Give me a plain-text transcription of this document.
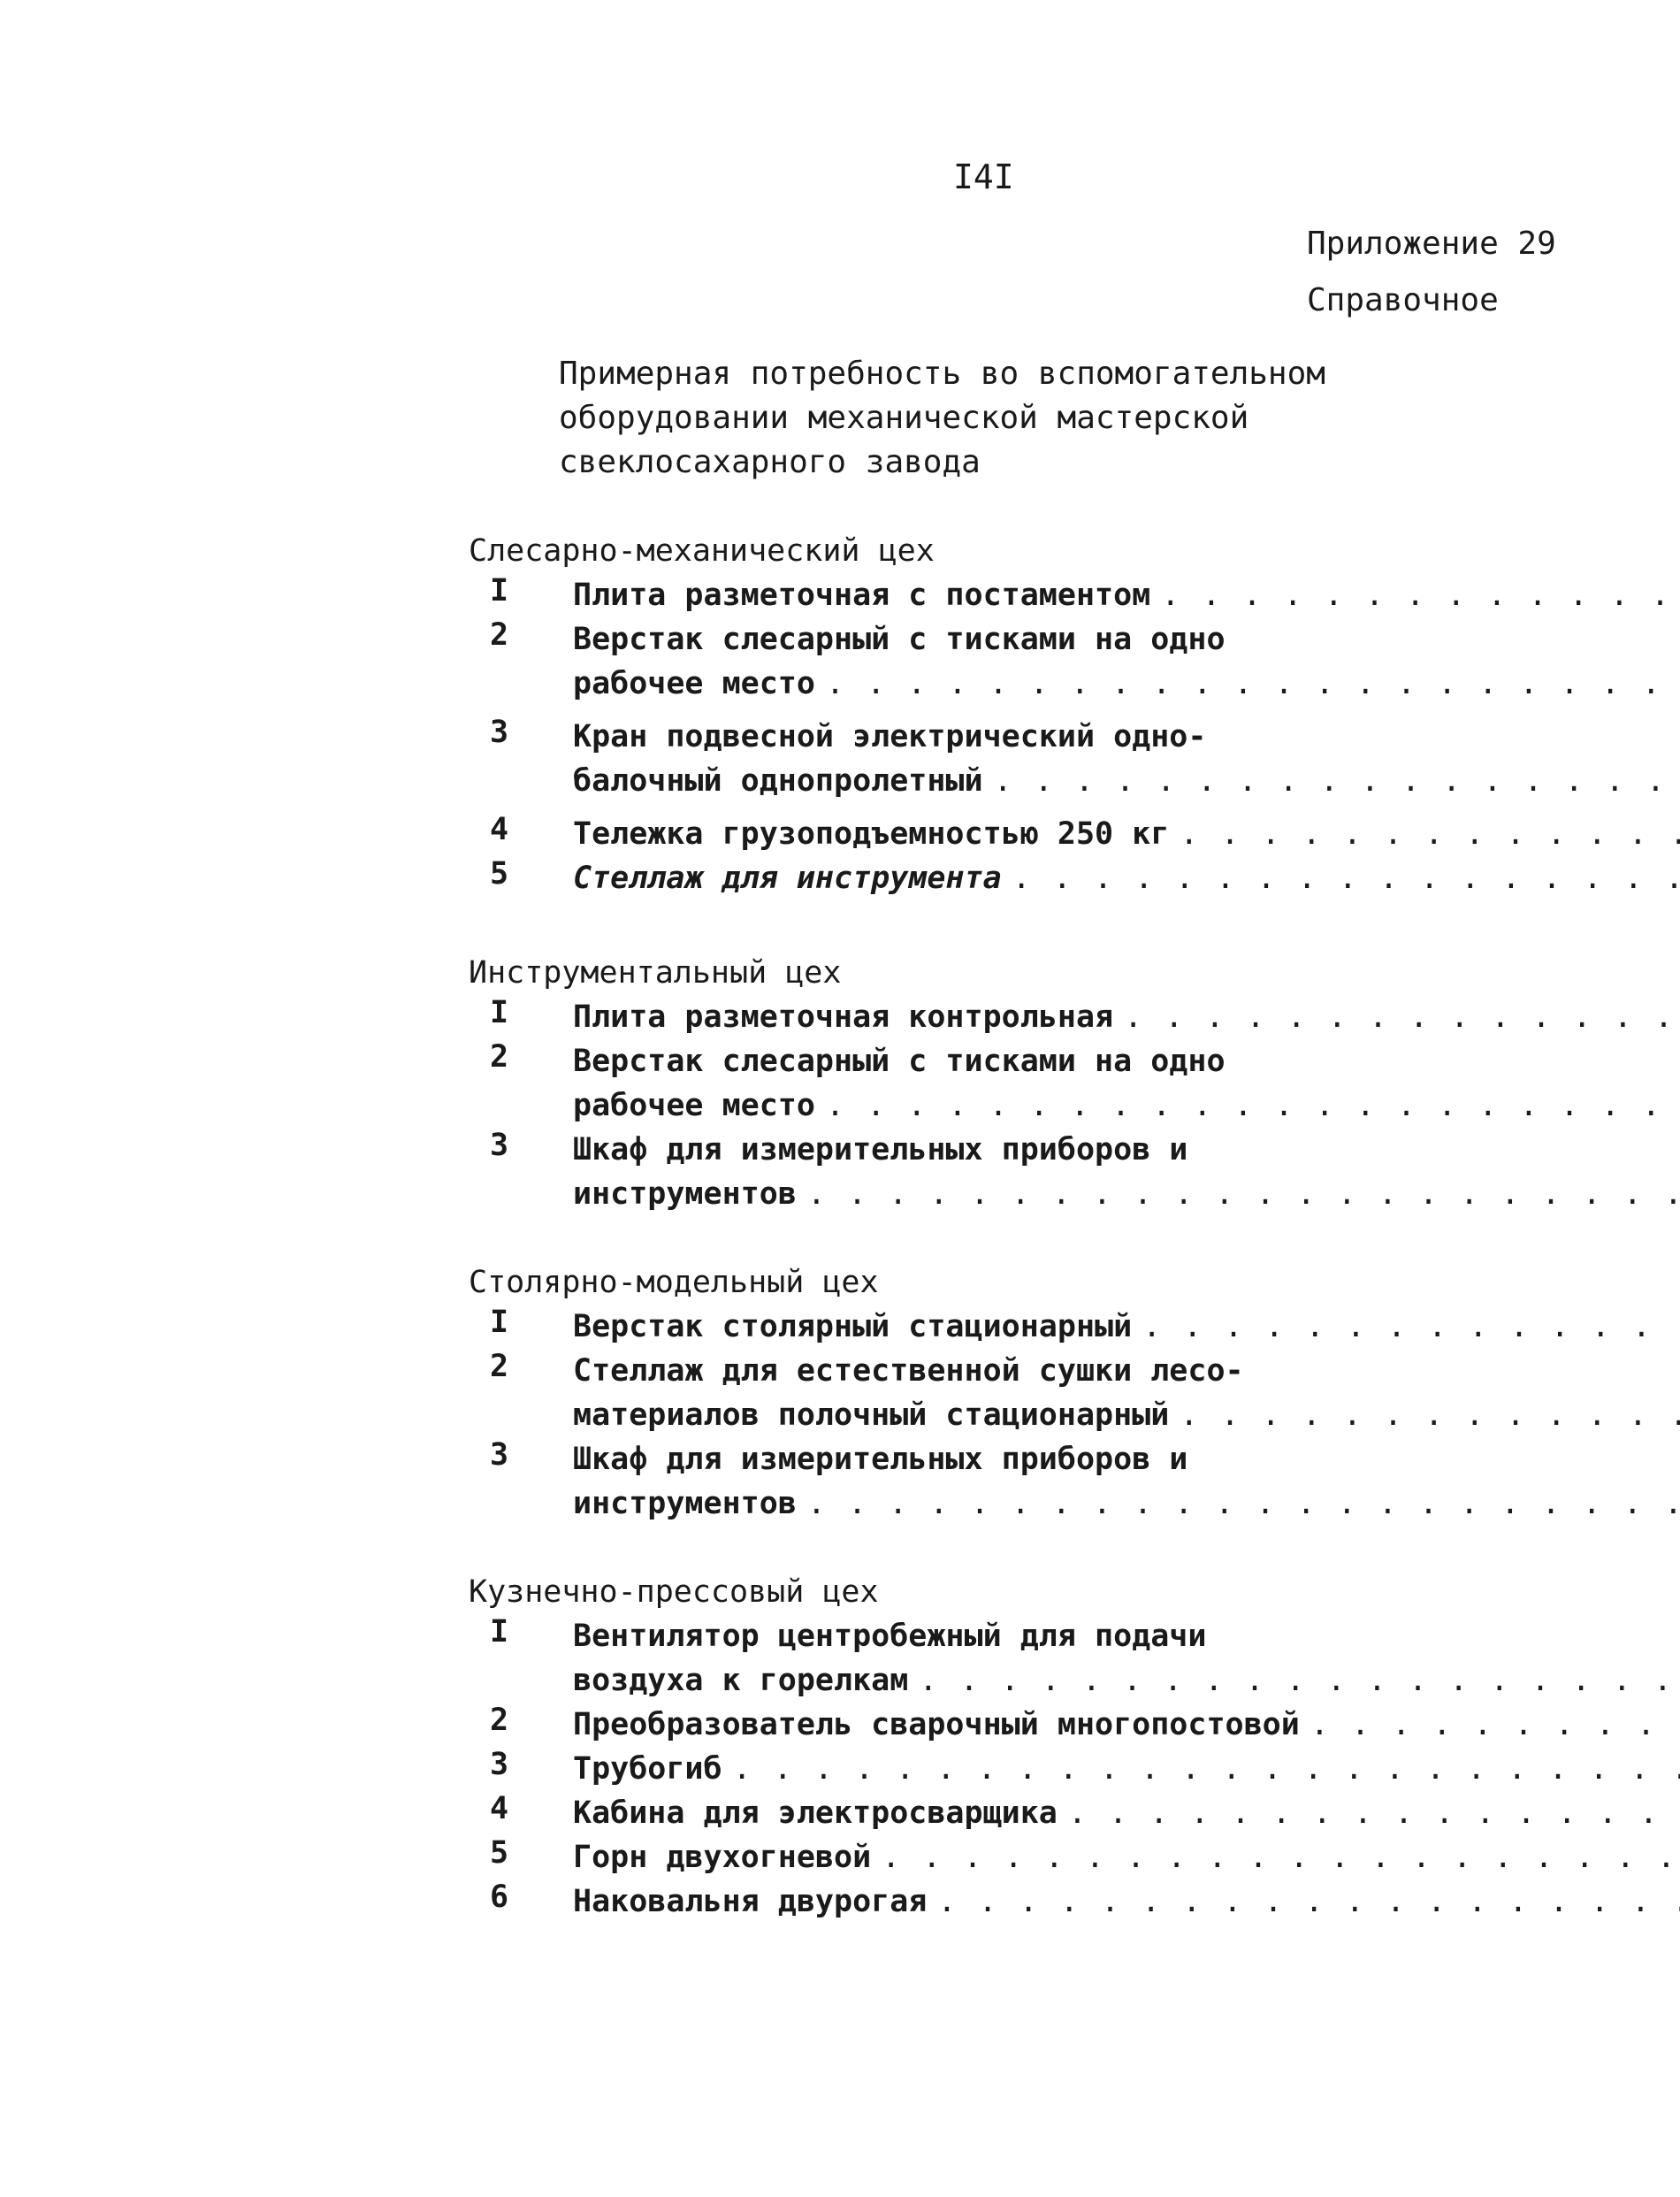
I4I
Приложение 29
Справочное
Примерная потребность во вспомогательном
оборудовании механической мастерской
свеклосахарного завода
Слесарно-механический цех
I	Плита разметочная с постаментом
. . .
2	Верстак слесарный с тисками на одно
рабочее место
. . .
3	Кран подвесной электрический одно-
балочный однопролетный
. . .
4	Тележка грузоподъемностью 250 кг
. . .
5	Стеллаж для инструмента
. . .
Инструментальный цех
I	Плита разметочная контрольная
. . .
2	Верстак слесарный с тисками на одно
рабочее место
. . .
3	Шкаф для измерительных приборов и
инструментов
. . .
Столярно-модельный цех
I	Верстак столярный стационарный
. . .
2	Стеллаж для естественной сушки лесо-
материалов полочный стационарный
. . .
3	Шкаф для измерительных приборов и
инструментов
. . .
Кузнечно-прессовый цех
I	Вентилятор центробежный для подачи
воздуха к горелкам
. . .
2	Преобразователь сварочный многопостовой
. . .
3	Трубогиб
. . .
4	Кабина для электросварщика
. . .
5	Горн двухогневой
. . .
6	Наковальня двурогая
. . .
